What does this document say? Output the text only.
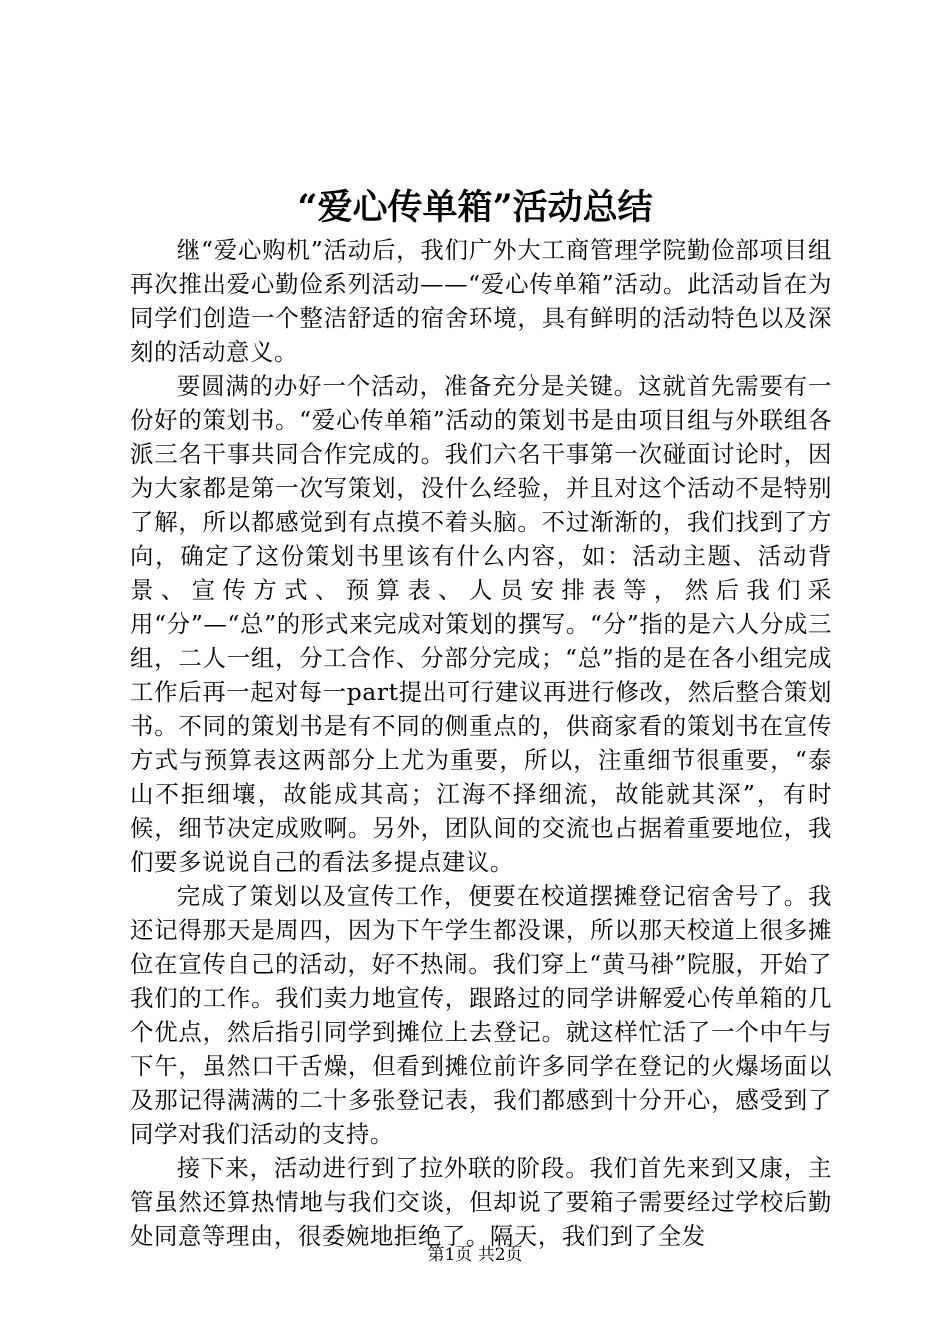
“爱心传单箱”活动总结

继“爱心购机”活动后，我们广外大工商管理学院勤俭部项目组再次推出爱心勤俭系列活动——“爱心传单箱”活动。此活动旨在为同学们创造一个整洁舒适的宿舍环境，具有鲜明的活动特色以及深刻的活动意义。

要圆满的办好一个活动，准备充分是关键。这就首先需要有一份好的策划书。“爱心传单箱”活动的策划书是由项目组与外联组各派三名干事共同合作完成的。我们六名干事第一次碰面讨论时，因为大家都是第一次写策划，没什么经验，并且对这个活动不是特别了解，所以都感觉到有点摸不着头脑。不过渐渐的，我们找到了方向，确定了这份策划书里该有什么内容，如：活动主题、活动背景、宣传方式、预算表、人员安排表等，然后我们采用“分”—“总”的形式来完成对策划的撰写。“分”指的是六人分成三组，二人一组，分工合作、分部分完成；“总”指的是在各小组完成工作后再一起对每一part提出可行建议再进行修改，然后整合策划书。不同的策划书是有不同的侧重点的，供商家看的策划书在宣传方式与预算表这两部分上尤为重要，所以，注重细节很重要，“泰山不拒细壤，故能成其高；江海不择细流，故能就其深”，有时候，细节决定成败啊。另外，团队间的交流也占据着重要地位，我们要多说说自己的看法多提点建议。

完成了策划以及宣传工作，便要在校道摆摊登记宿舍号了。我还记得那天是周四，因为下午学生都没课，所以那天校道上很多摊位在宣传自己的活动，好不热闹。我们穿上“黄马褂”院服，开始了我们的工作。我们卖力地宣传，跟路过的同学讲解爱心传单箱的几个优点，然后指引同学到摊位上去登记。就这样忙活了一个中午与下午，虽然口干舌燥，但看到摊位前许多同学在登记的火爆场面以及那记得满满的二十多张登记表，我们都感到十分开心，感受到了同学对我们活动的支持。

接下来，活动进行到了拉外联的阶段。我们首先来到又康，主管虽然还算热情地与我们交谈，但却说了要箱子需要经过学校后勤处同意等理由，很委婉地拒绝了。隔天，我们到了全发

第1页 共2页
